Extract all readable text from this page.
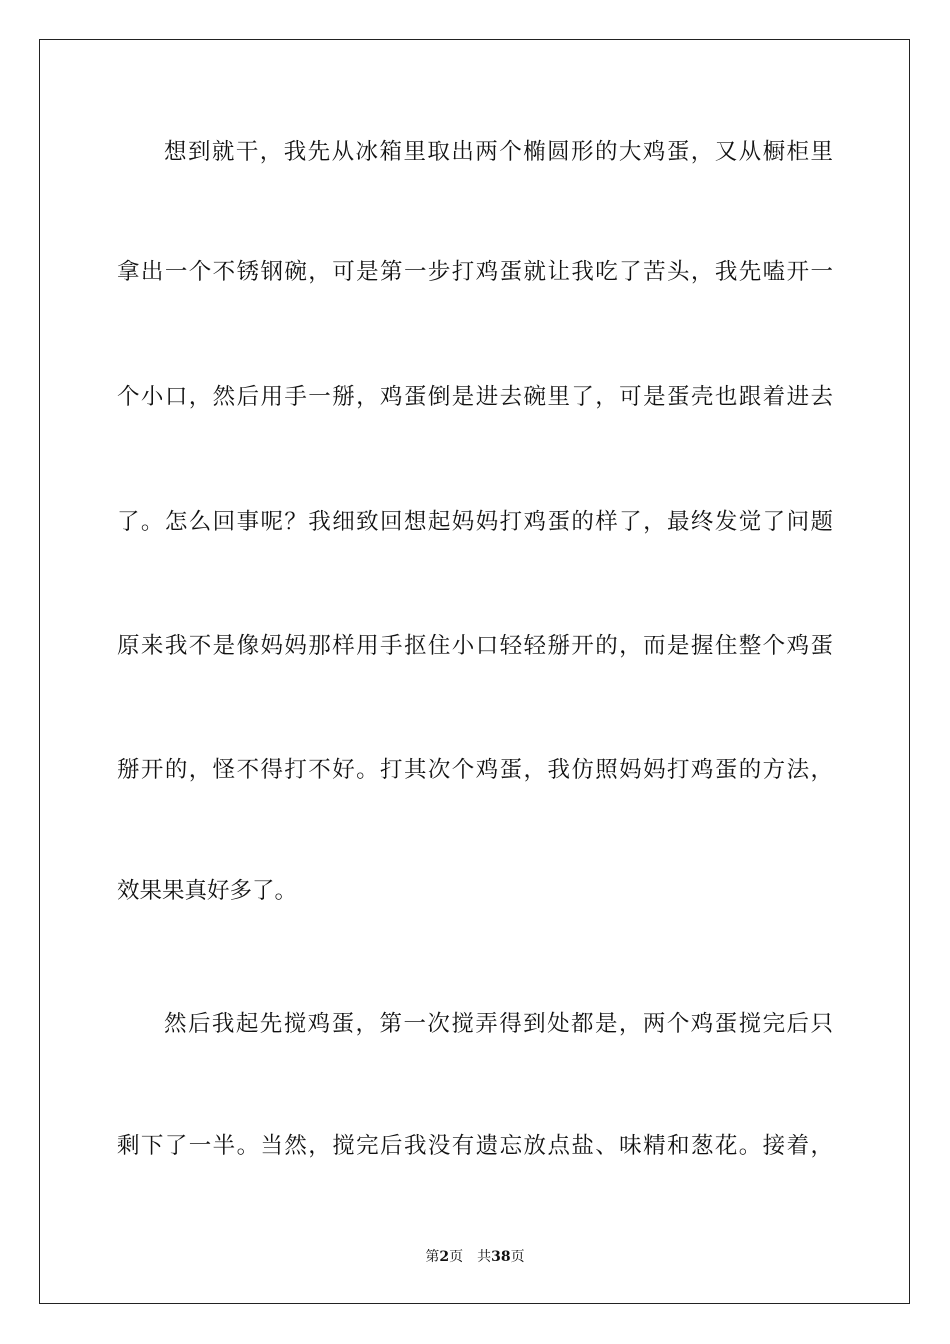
想到就干，我先从冰箱里取出两个椭圆形的大鸡蛋，又从橱柜里
拿出一个不锈钢碗，可是第一步打鸡蛋就让我吃了苦头，我先嗑开一
个小口，然后用手一掰，鸡蛋倒是进去碗里了，可是蛋壳也跟着进去
了。怎么回事呢？我细致回想起妈妈打鸡蛋的样了，最终发觉了问题
原来我不是像妈妈那样用手抠住小口轻轻掰开的，而是握住整个鸡蛋
掰开的，怪不得打不好。打其次个鸡蛋，我仿照妈妈打鸡蛋的方法，
效果果真好多了。
然后我起先搅鸡蛋，第一次搅弄得到处都是，两个鸡蛋搅完后只
剩下了一半。当然，搅完后我没有遗忘放点盐、味精和葱花。接着，
第2页 共38页
